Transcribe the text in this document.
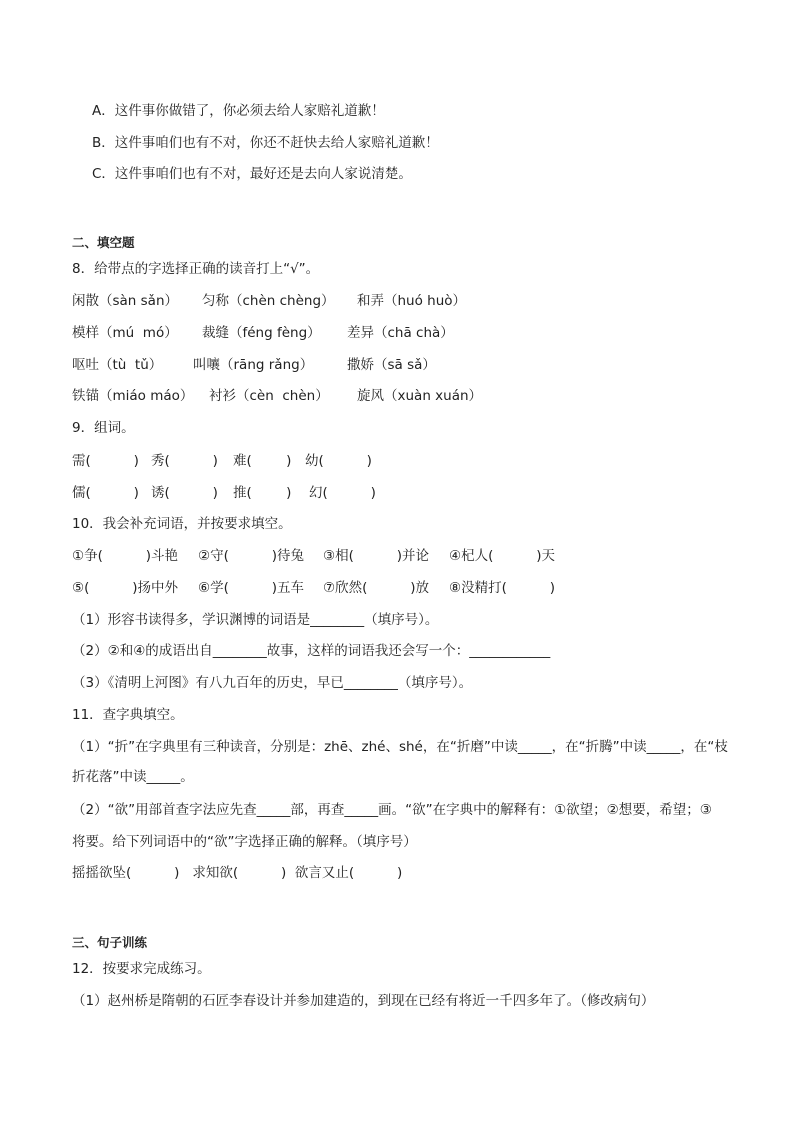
A．这件事你做错了，你必须去给人家赔礼道歉！
B．这件事咱们也有不对，你还不赶快去给人家赔礼道歉！
C．这件事咱们也有不对，最好还是去向人家说清楚。
二、填空题
8．给带点的字选择正确的读音打上“√”。
闲散（sàn sǎn） 匀称（chèn chèng） 和弄（huó huò）
模样（mú  mó） 裁缝（féng fèng） 差异（chā chà）
呕吐（tù  tǔ） 叫嚷（rāng rǎng）	撒娇（sā sǎ）
铁锚（miáo máo） 衬衫（cèn  chèn） 旋风（xuàn xuán）
9．组词。
需(          ) 秀(          ) 难(        ) 幼(          )
儒(          ) 诱(          ) 推(        ) 幻(          )
10．我会补充词语，并按要求填空。
①争(          )斗艳 ②守(          )待兔 ③相(          )并论 ④杞人(          )天
⑤(          )扬中外 ⑥学(          )五车 ⑦欣然(          )放 ⑧没精打(          )
（1）形容书读得多，学识渊博的词语是________（填序号）。
（2）②和④的成语出自________故事，这样的词语我还会写一个：____________
（3）《清明上河图》有八九百年的历史，早已________（填序号）。
11．查字典填空。
（1）“折”在字典里有三种读音，分别是：zhē、zhé、shé，在“折磨”中读_____，在“折腾”中读_____，在“枝
折花落”中读_____。
（2）“欲”用部首查字法应先查_____部，再查_____画。“欲”在字典中的解释有：①欲望；②想要，希望；③
将要。给下列词语中的“欲”字选择正确的解释。（填序号）
摇摇欲坠(          )   求知欲(          )  欲言又止(          )
三、句子训练
12．按要求完成练习。
（1）赵州桥是隋朝的石匠李春设计并参加建造的，到现在已经有将近一千四多年了。（修改病句）
